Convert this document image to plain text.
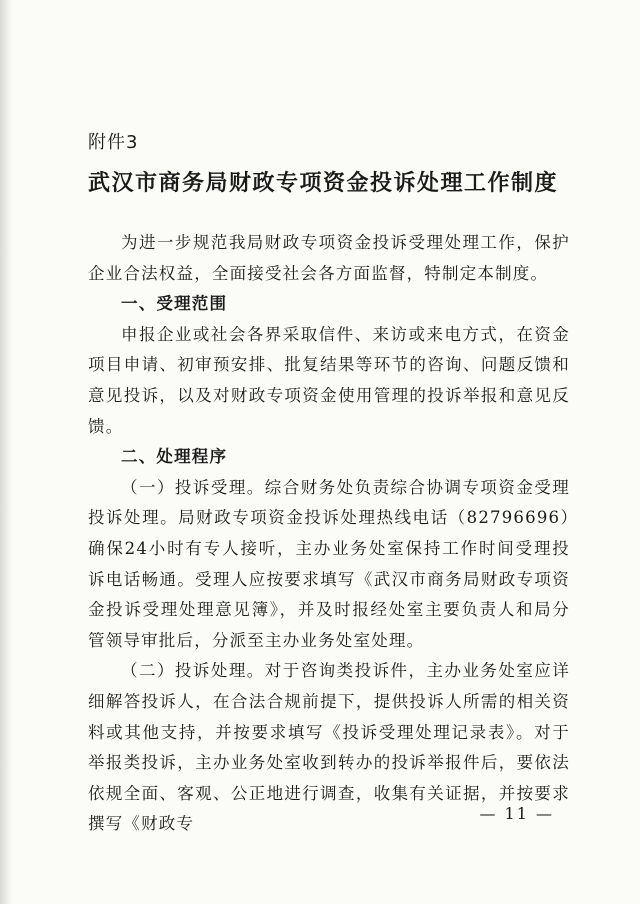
附件3
武汉市商务局财政专项资金投诉处理工作制度

为进一步规范我局财政专项资金投诉受理处理工作，保护企业合法权益，全面接受社会各方面监督，特制定本制度。

一、受理范围

申报企业或社会各界采取信件、来访或来电方式，在资金项目申请、初审预安排、批复结果等环节的咨询、问题反馈和意见投诉，以及对财政专项资金使用管理的投诉举报和意见反馈。

二、处理程序

（一）投诉受理。综合财务处负责综合协调专项资金受理投诉处理。局财政专项资金投诉处理热线电话（82796696）确保24小时有专人接听，主办业务处室保持工作时间受理投诉电话畅通。受理人应按要求填写《武汉市商务局财政专项资金投诉受理处理意见簿》，并及时报经处室主要负责人和局分管领导审批后，分派至主办业务处室处理。

（二）投诉处理。对于咨询类投诉件，主办业务处室应详细解答投诉人，在合法合规前提下，提供投诉人所需的相关资料或其他支持，并按要求填写《投诉受理处理记录表》。对于举报类投诉，主办业务处室收到转办的投诉举报件后，要依法依规全面、客观、公正地进行调查，收集有关证据，并按要求撰写《财政专

— 11 —
